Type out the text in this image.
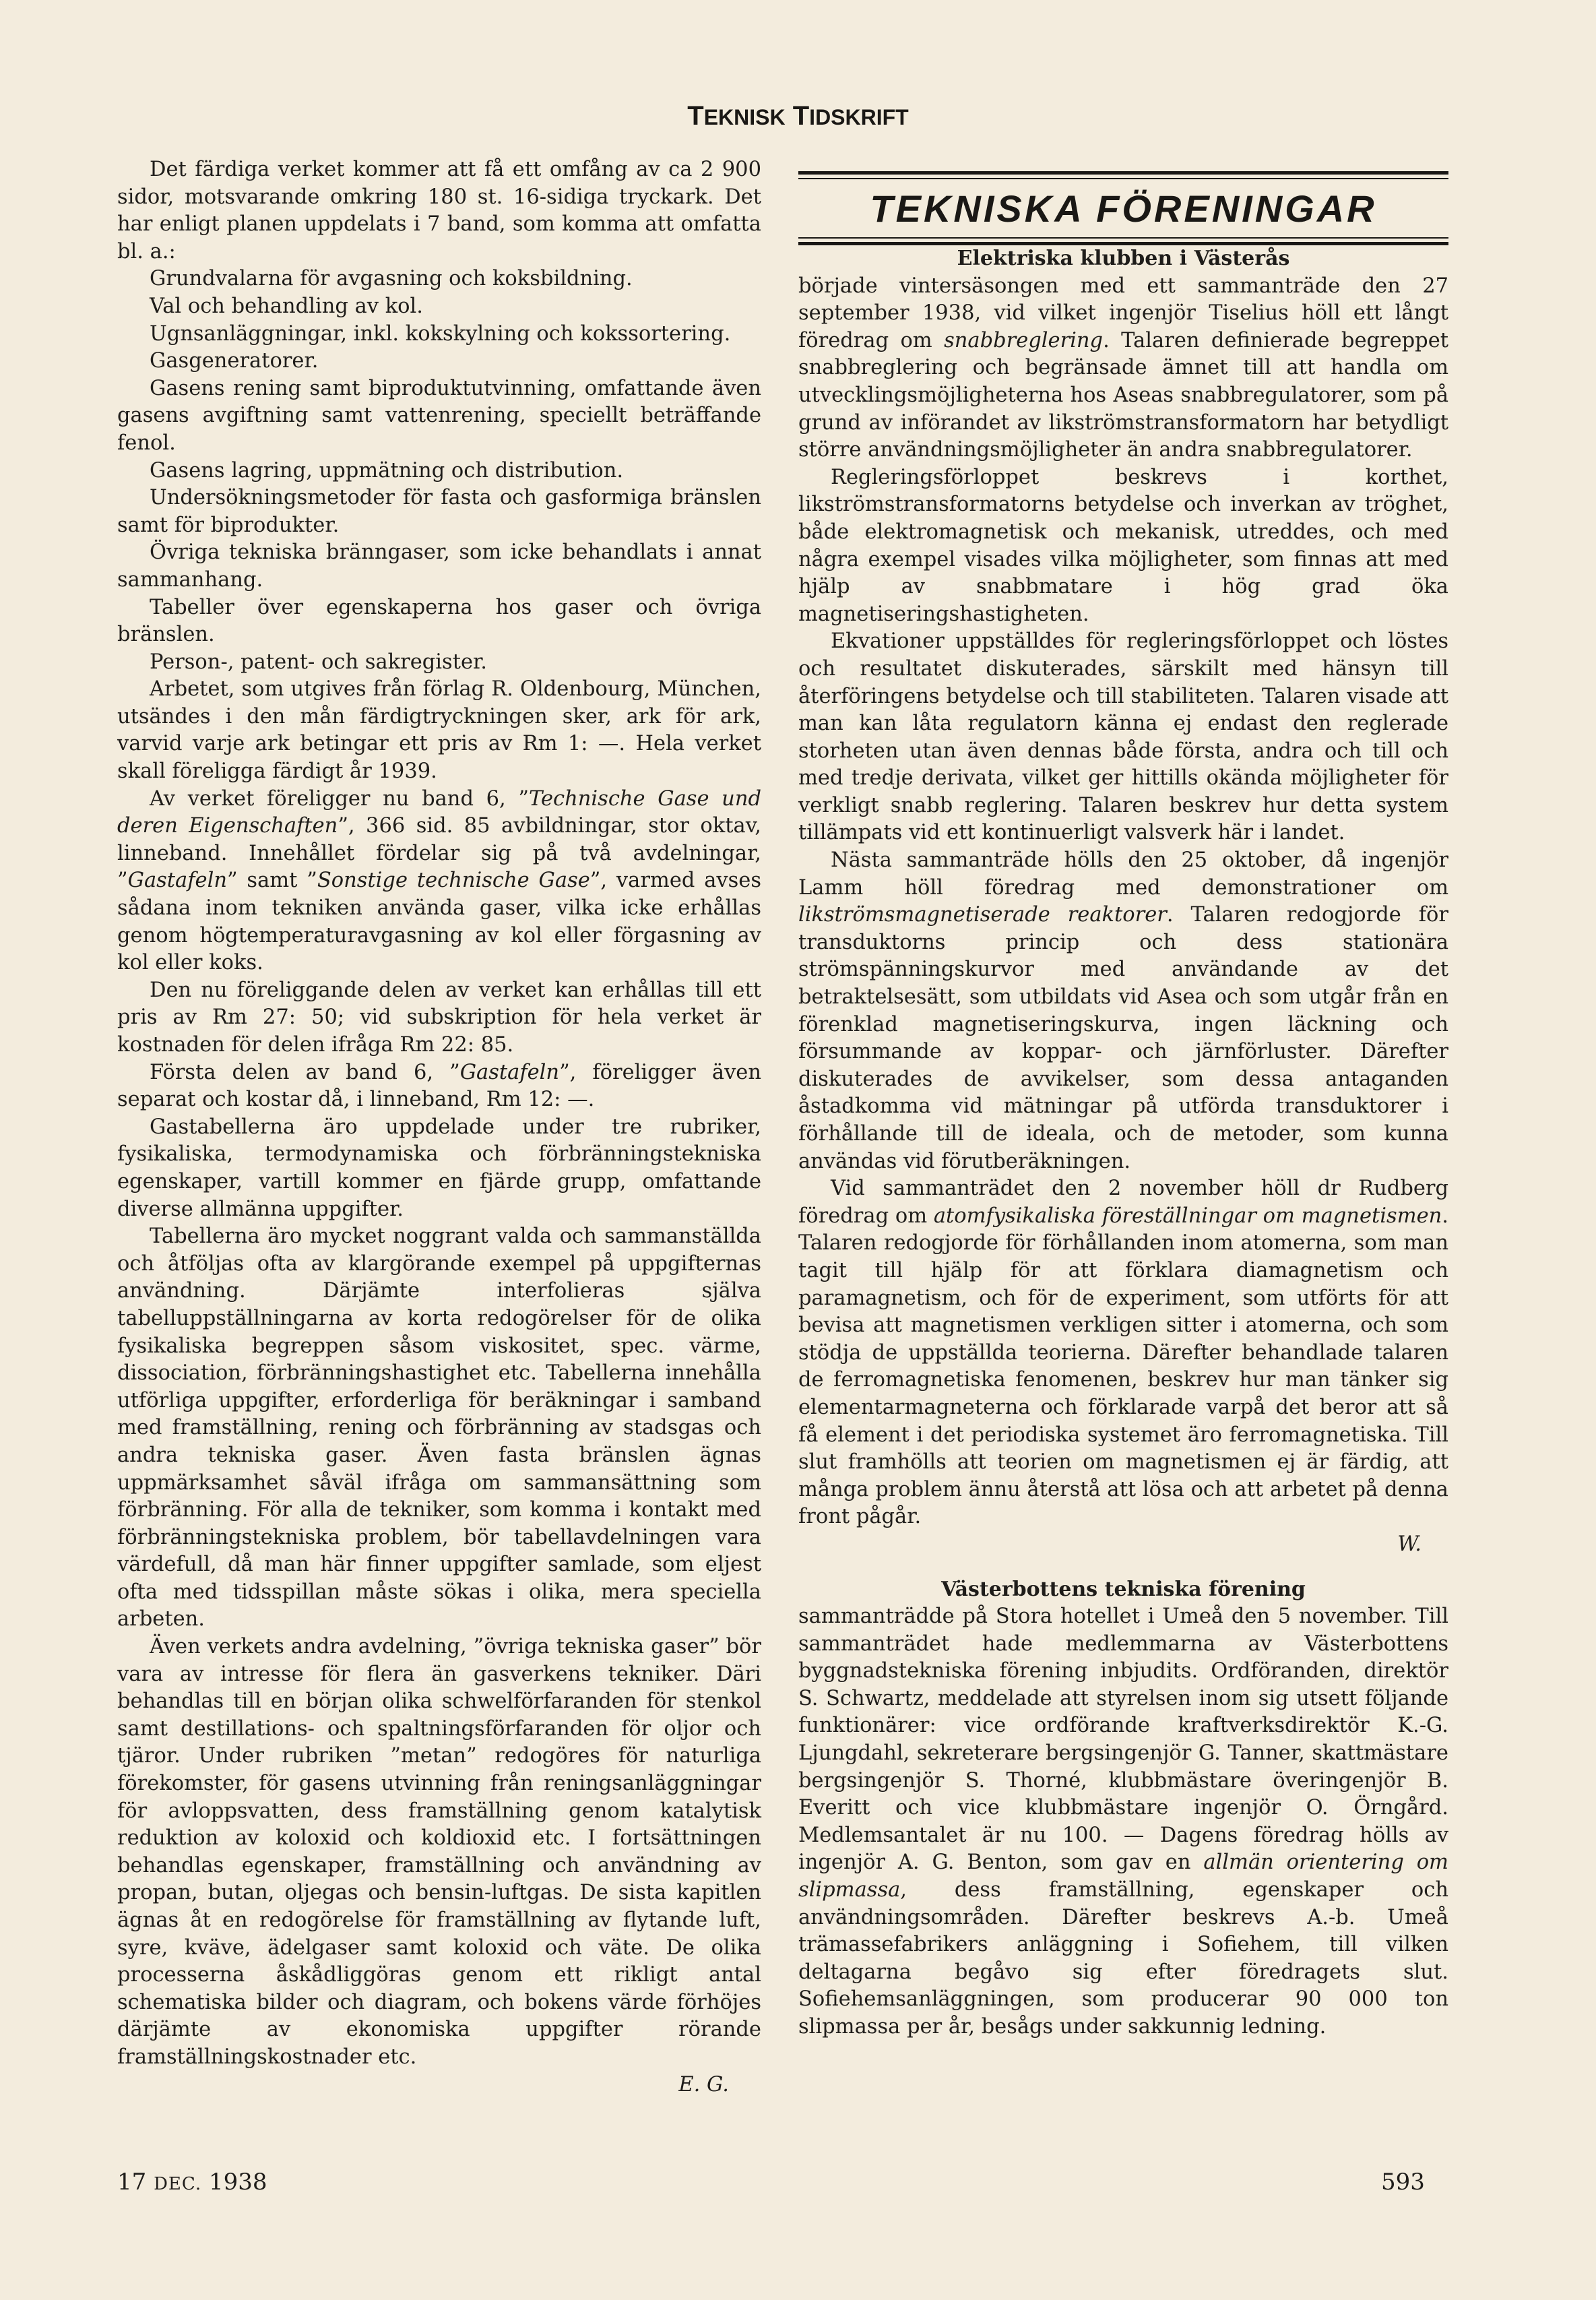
TEKNISK TIDSKRIFT

Det färdiga verket kommer att få ett omfång av ca 2 900 sidor, motsvarande omkring 180 st. 16-sidiga tryckark. Det har enligt planen uppdelats i 7 band, som komma att omfatta bl. a.:

Grundvalarna för avgasning och koksbildning.

Val och behandling av kol.

Ugnsanläggningar, inkl. kokskylning och kokssortering.

Gasgeneratorer.

Gasens rening samt biproduktutvinning, omfattande även gasens avgiftning samt vattenrening, speciellt beträffande fenol.

Gasens lagring, uppmätning och distribution.

Undersökningsmetoder för fasta och gasformiga bränslen samt för biprodukter.

Övriga tekniska bränngaser, som icke behandlats i annat sammanhang.

Tabeller över egenskaperna hos gaser och övriga bränslen.

Person-, patent- och sakregister.

Arbetet, som utgives från förlag R. Oldenbourg, München, utsändes i den mån färdigtryckningen sker, ark för ark, varvid varje ark betingar ett pris av Rm 1: —. Hela verket skall föreligga färdigt år 1939.

Av verket föreligger nu band 6, ”Technische Gase und deren Eigenschaften”, 366 sid. 85 avbildningar, stor oktav, linneband. Innehållet fördelar sig på två avdelningar, ”Gastafeln” samt ”Sonstige technische Gase”, varmed avses sådana inom tekniken använda gaser, vilka icke erhållas genom högtemperaturavgasning av kol eller förgasning av kol eller koks.

Den nu föreliggande delen av verket kan erhållas till ett pris av Rm 27: 50; vid subskription för hela verket är kostnaden för delen ifråga Rm 22: 85.

Första delen av band 6, ”Gastafeln”, föreligger även separat och kostar då, i linneband, Rm 12: —.

Gastabellerna äro uppdelade under tre rubriker, fysikaliska, termodynamiska och förbränningstekniska egenskaper, vartill kommer en fjärde grupp, omfattande diverse allmänna uppgifter.

Tabellerna äro mycket noggrant valda och sammanställda och åtföljas ofta av klargörande exempel på uppgifternas användning. Därjämte interfolieras själva tabelluppställningarna av korta redogörelser för de olika fysikaliska begreppen såsom viskositet, spec. värme, dissociation, förbränningshastighet etc. Tabellerna innehålla utförliga uppgifter, erforderliga för beräkningar i samband med framställning, rening och förbränning av stadsgas och andra tekniska gaser. Även fasta bränslen ägnas uppmärksamhet såväl ifråga om sammansättning som förbränning. För alla de tekniker, som komma i kontakt med förbränningstekniska problem, bör tabellavdelningen vara värdefull, då man här finner uppgifter samlade, som eljest ofta med tidsspillan måste sökas i olika, mera speciella arbeten.

Även verkets andra avdelning, ”övriga tekniska gaser” bör vara av intresse för flera än gasverkens tekniker. Däri behandlas till en början olika schwelförfaranden för stenkol samt destillations- och spaltningsförfaranden för oljor och tjäror. Under rubriken ”metan” redogöres för naturliga förekomster, för gasens utvinning från reningsanläggningar för avloppsvatten, dess framställning genom katalytisk reduktion av koloxid och koldioxid etc. I fortsättningen behandlas egenskaper, framställning och användning av propan, butan, oljegas och bensin-luftgas. De sista kapitlen ägnas åt en redogörelse för framställning av flytande luft, syre, kväve, ädelgaser samt koloxid och väte. De olika processerna åskådliggöras genom ett rikligt antal schematiska bilder och diagram, och bokens värde förhöjes därjämte av ekonomiska uppgifter rörande framställningskostnader etc.

E. G.

TEKNISKA FÖRENINGAR

Elektriska klubben i Västerås

började vintersäsongen med ett sammanträde den 27 september 1938, vid vilket ingenjör Tiselius höll ett långt föredrag om snabbreglering. Talaren definierade begreppet snabbreglering och begränsade ämnet till att handla om utvecklingsmöjligheterna hos Aseas snabbregulatorer, som på grund av införandet av likströmstransformatorn har betydligt större användningsmöjligheter än andra snabbregulatorer.

Regleringsförloppet beskrevs i korthet, likströmstransformatorns betydelse och inverkan av tröghet, både elektromagnetisk och mekanisk, utreddes, och med några exempel visades vilka möjligheter, som finnas att med hjälp av snabbmatare i hög grad öka magnetiseringshastigheten.

Ekvationer uppställdes för regleringsförloppet och löstes och resultatet diskuterades, särskilt med hänsyn till återföringens betydelse och till stabiliteten. Talaren visade att man kan låta regulatorn känna ej endast den reglerade storheten utan även dennas både första, andra och till och med tredje derivata, vilket ger hittills okända möjligheter för verkligt snabb reglering. Talaren beskrev hur detta system tillämpats vid ett kontinuerligt valsverk här i landet.

Nästa sammanträde hölls den 25 oktober, då ingenjör Lamm höll föredrag med demonstrationer om likströmsmagnetiserade reaktorer. Talaren redogjorde för transduktorns princip och dess stationära strömspänningskurvor med användande av det betraktelsesätt, som utbildats vid Asea och som utgår från en förenklad magnetiseringskurva, ingen läckning och försummande av koppar- och järnförluster. Därefter diskuterades de avvikelser, som dessa antaganden åstadkomma vid mätningar på utförda transduktorer i förhållande till de ideala, och de metoder, som kunna användas vid förutberäkningen.

Vid sammanträdet den 2 november höll dr Rudberg föredrag om atomfysikaliska föreställningar om magnetismen. Talaren redogjorde för förhållanden inom atomerna, som man tagit till hjälp för att förklara diamagnetism och paramagnetism, och för de experiment, som utförts för att bevisa att magnetismen verkligen sitter i atomerna, och som stödja de uppställda teorierna. Därefter behandlade talaren de ferromagnetiska fenomenen, beskrev hur man tänker sig elementarmagneterna och förklarade varpå det beror att så få element i det periodiska systemet äro ferromagnetiska. Till slut framhölls att teorien om magnetismen ej är färdig, att många problem ännu återstå att lösa och att arbetet på denna front pågår.

W.

Västerbottens tekniska förening

sammanträdde på Stora hotellet i Umeå den 5 november. Till sammanträdet hade medlemmarna av Västerbottens byggnadstekniska förening inbjudits. Ordföranden, direktör S. Schwartz, meddelade att styrelsen inom sig utsett följande funktionärer: vice ordförande kraftverksdirektör K.-G. Ljungdahl, sekreterare bergsingenjör G. Tanner, skattmästare bergsingenjör S. Thorné, klubbmästare överingenjör B. Everitt och vice klubbmästare ingenjör O. Örngård. Medlemsantalet är nu 100. — Dagens föredrag hölls av ingenjör A. G. Benton, som gav en allmän orientering om slipmassa, dess framställning, egenskaper och användningsområden. Därefter beskrevs A.-b. Umeå trämassefabrikers anläggning i Sofiehem, till vilken deltagarna begåvo sig efter föredragets slut. Sofiehemsanläggningen, som producerar 90 000 ton slipmassa per år, besågs under sakkunnig ledning.

17 DEC. 1938	593
